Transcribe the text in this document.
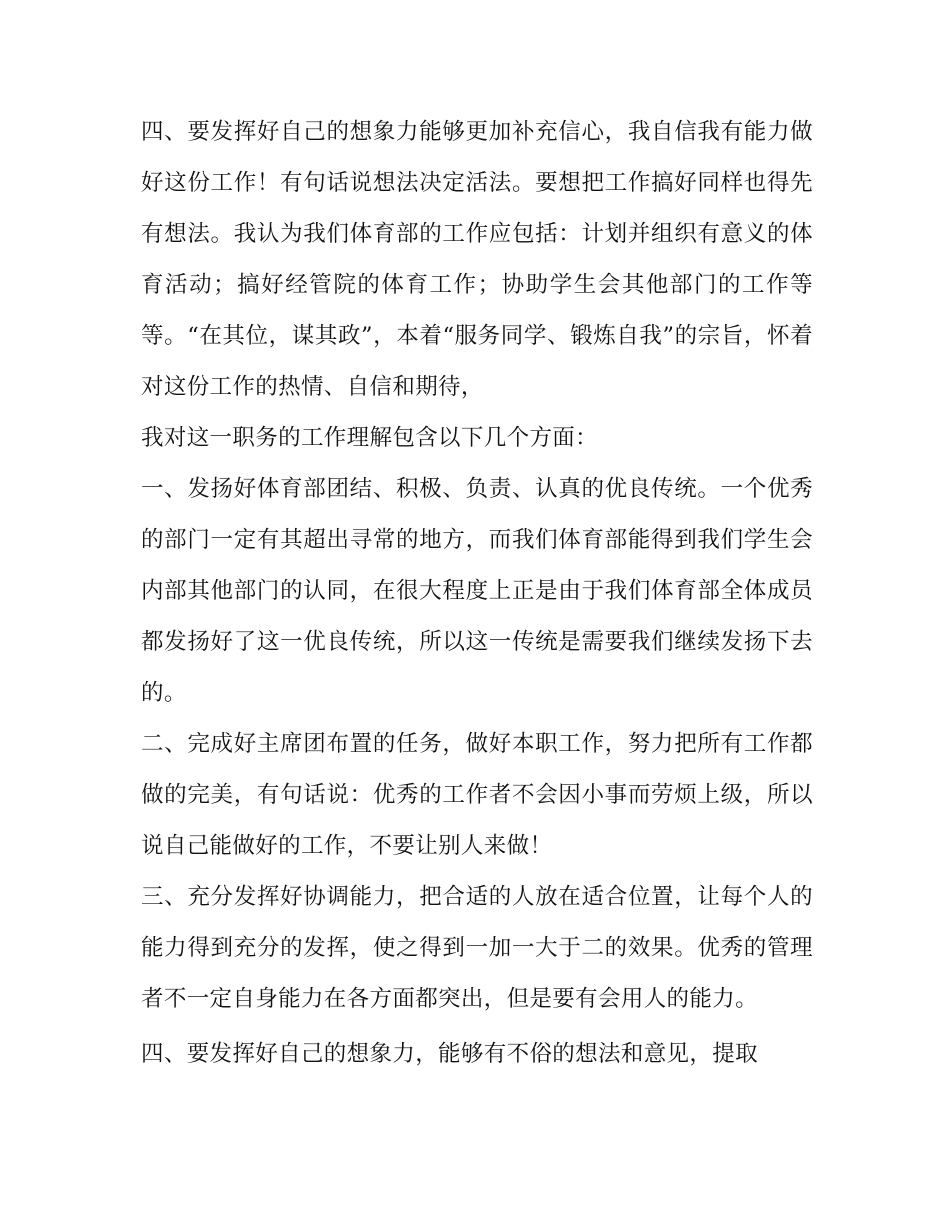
四、要发挥好自己的想象力能够更加补充信心，我自信我有能力做好这份工作！有句话说想法决定活法。要想把工作搞好同样也得先有想法。我认为我们体育部的工作应包括：计划并组织有意义的体育活动；搞好经管院的体育工作；协助学生会其他部门的工作等等。“在其位，谋其政”，本着“服务同学、锻炼自我”的宗旨，怀着对这份工作的热情、自信和期待，

我对这一职务的工作理解包含以下几个方面：

一、发扬好体育部团结、积极、负责、认真的优良传统。一个优秀的部门一定有其超出寻常的地方，而我们体育部能得到我们学生会内部其他部门的认同，在很大程度上正是由于我们体育部全体成员都发扬好了这一优良传统，所以这一传统是需要我们继续发扬下去的。

二、完成好主席团布置的任务，做好本职工作，努力把所有工作都做的完美，有句话说：优秀的工作者不会因小事而劳烦上级，所以说自己能做好的工作，不要让别人来做！

三、充分发挥好协调能力，把合适的人放在适合位置，让每个人的能力得到充分的发挥，使之得到一加一大于二的效果。优秀的管理者不一定自身能力在各方面都突出，但是要有会用人的能力。

四、要发挥好自己的想象力，能够有不俗的想法和意见，提取
